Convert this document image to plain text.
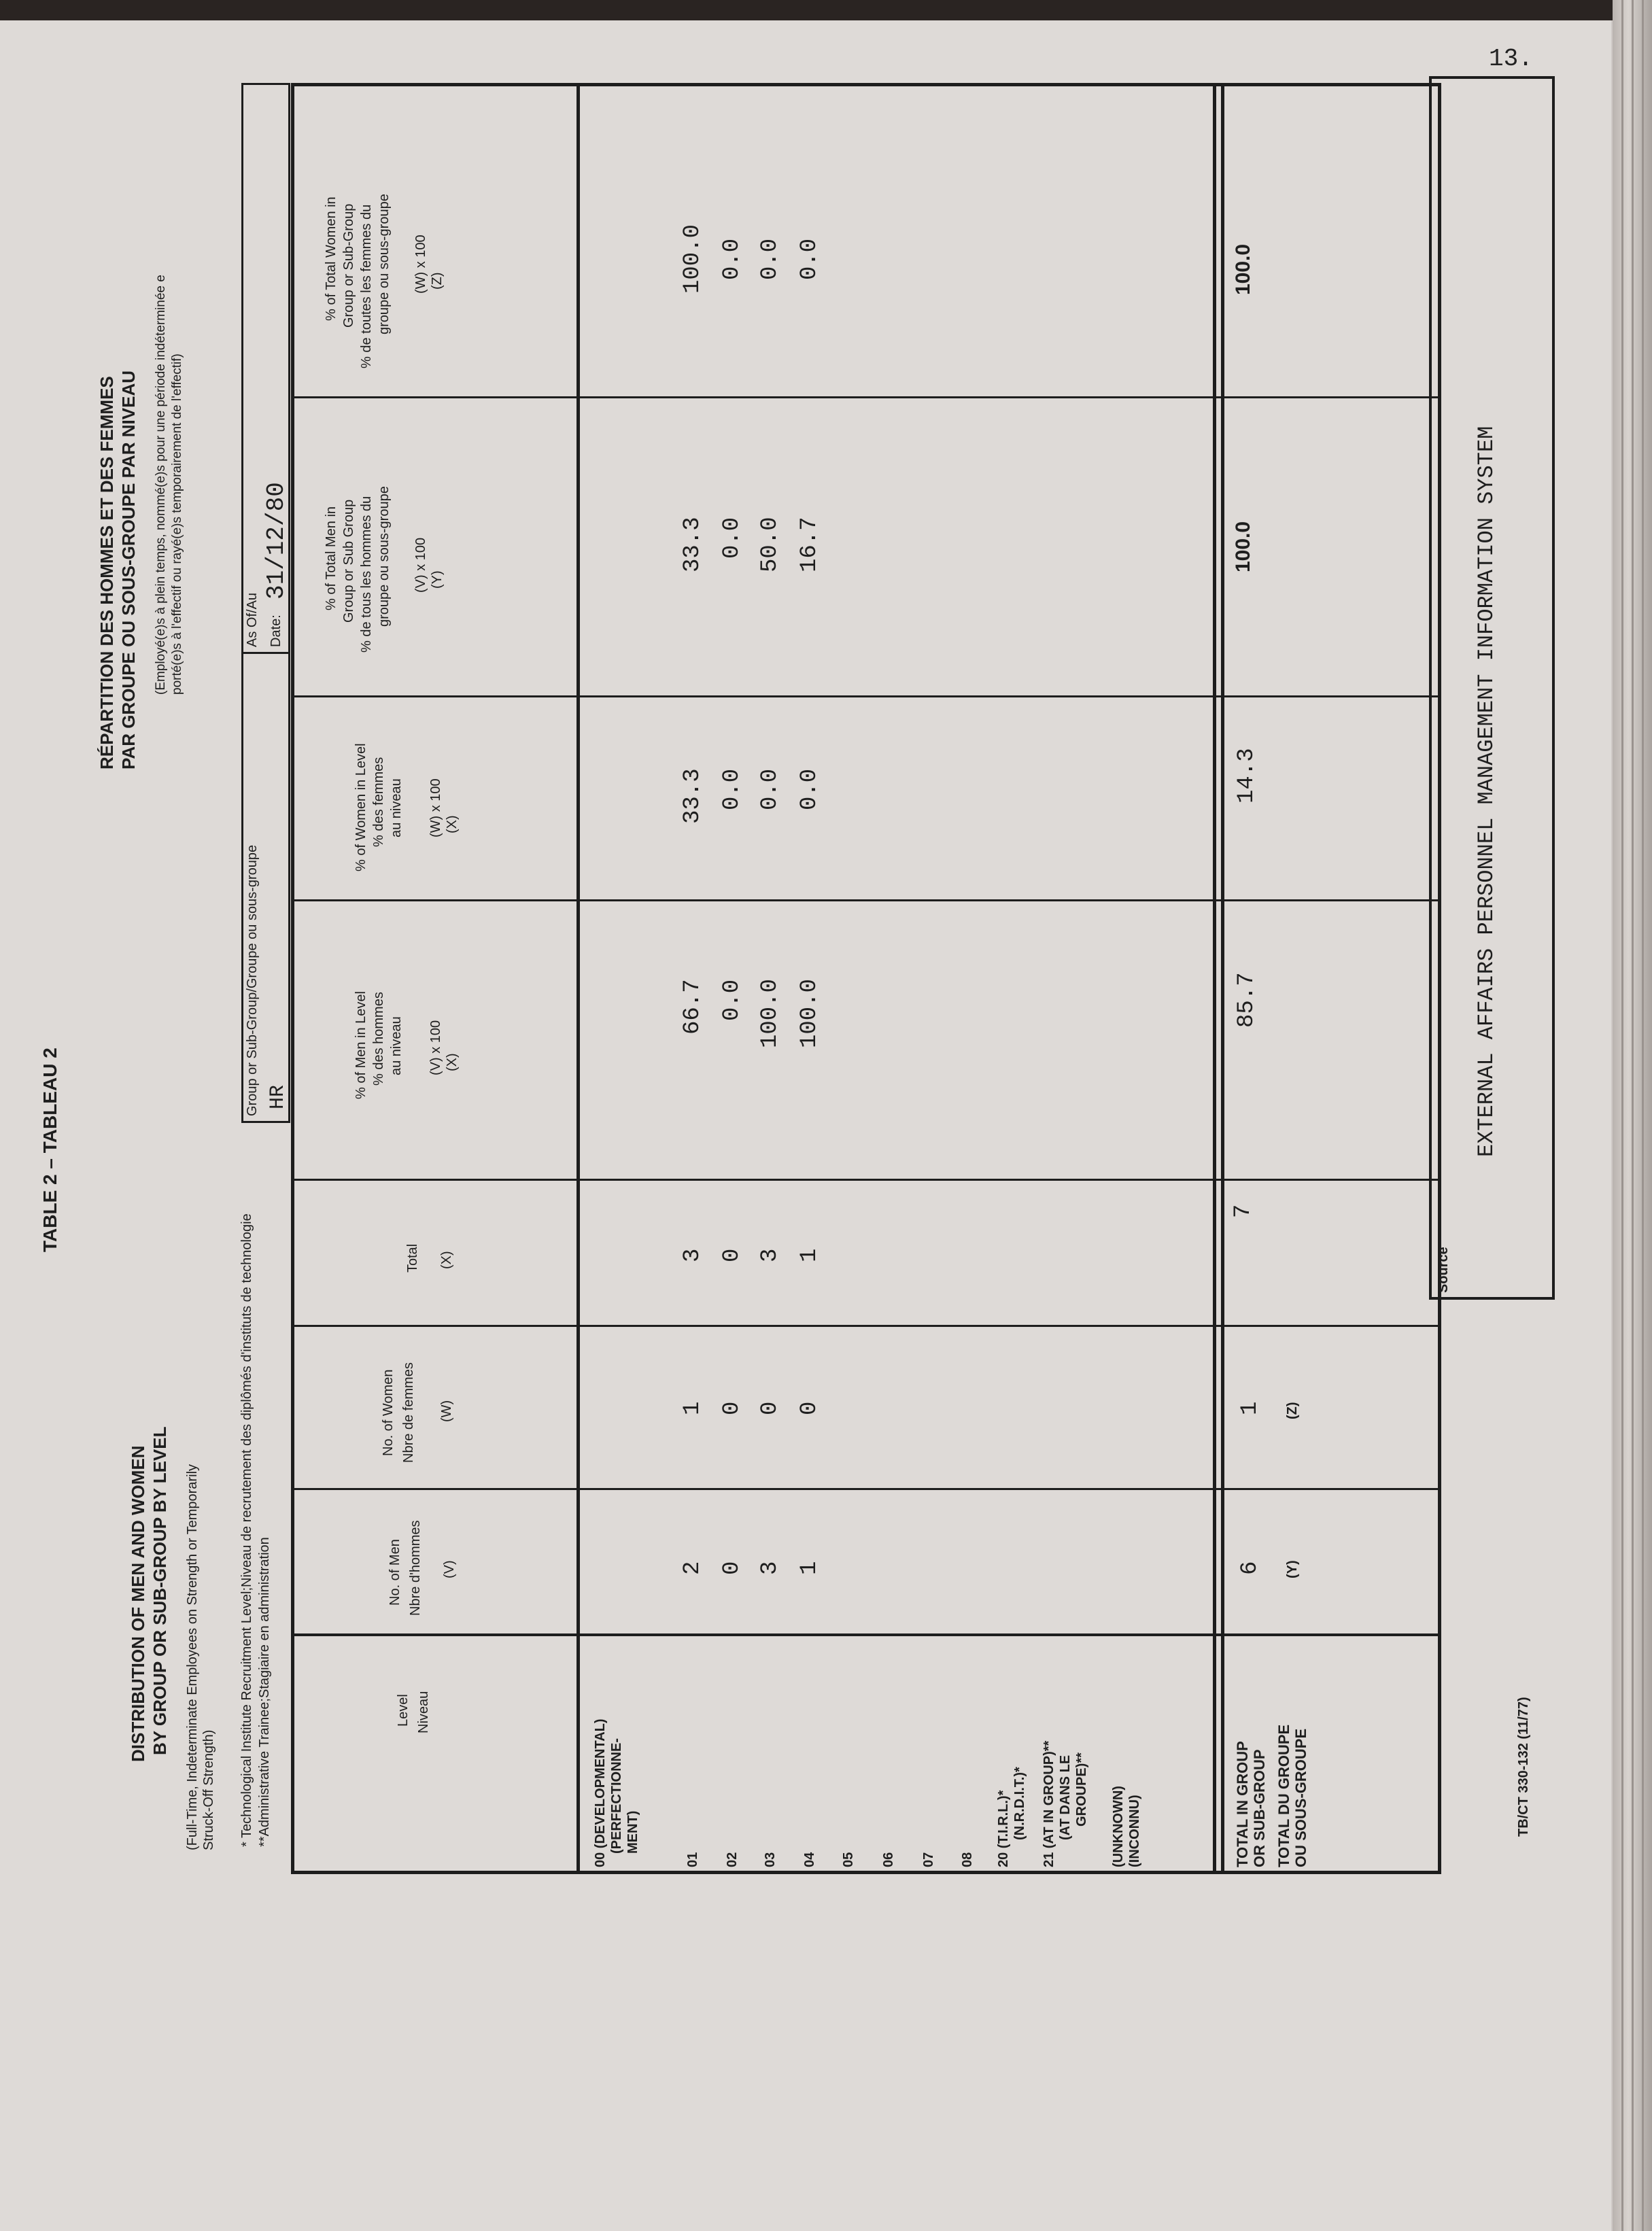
13.
TABLE 2 – TABLEAU 2
DISTRIBUTION OF MEN AND WOMEN BY GROUP OR SUB-GROUP BY LEVEL (Full-Time, Indeterminate Employees on Strength or Temporarily Struck-Off Strength)
RÉPARTITION DES HOMMES ET DES FEMMES PAR GROUPE OU SOUS-GROUPE PAR NIVEAU (Employé(e)s à plein temps, nommé(e)s pour une période indéterminée e porté(e)s à l'effectif ou rayé(e)s temporairement de l'effectif)
* Technological Institute Recruitment Level;Niveau de recrutement des diplômés d'instituts de technologie **Administrative Trainee;Stagiaire en administration
Group or Sub-Group/Groupe ou sous-groupe HR
As Of/Au Date:
31/12/80
Level Niveau
No. of Men Nbre d'hommes (V)
No. of Women Nbre de femmes (W)
Total (X)
% of Men in Level % des hommes au niveau (V) x 100 (X)
% of Women in Level % des femmes au niveau (W) x 100 (X)
% of Total Men in Group or Sub Group % de tous les hommes du groupe ou sous-groupe (V) x 100 (Y)
% of Total Women in Group or Sub-Group % de toutes les femmes du groupe ou sous-groupe (W) x 100 (Z)
00 (DEVELOPMENTAL) (PERFECTIONNE- MENT)
01 02 03 04 05 06 07 08 20 (T.I.R.L.)* (N.R.D.I.T.)* 21 (AT IN GROUP)** (AT DANS LE GROUPE)** (UNKNOWN) (INCONNU)
2
1
3
66.7
33.3
33.3
100.0
0
0
0
0.0
0.0
0.0
0.0
3
0
3
100.0
0.0
50.0
0.0
1
0
1
100.0
0.0
16.7
0.0
TOTAL IN GROUP OR SUB-GROUP TOTAL DU GROUPE OU SOUS-GROUPE
6 (Y)
1 (Z)
7
85.7
14.3
100.0
100.0
Source
EXTERNAL AFFAIRS PERSONNEL MANAGEMENT INFORMATION SYSTEM
TB/CT 330-132 (11/77)
